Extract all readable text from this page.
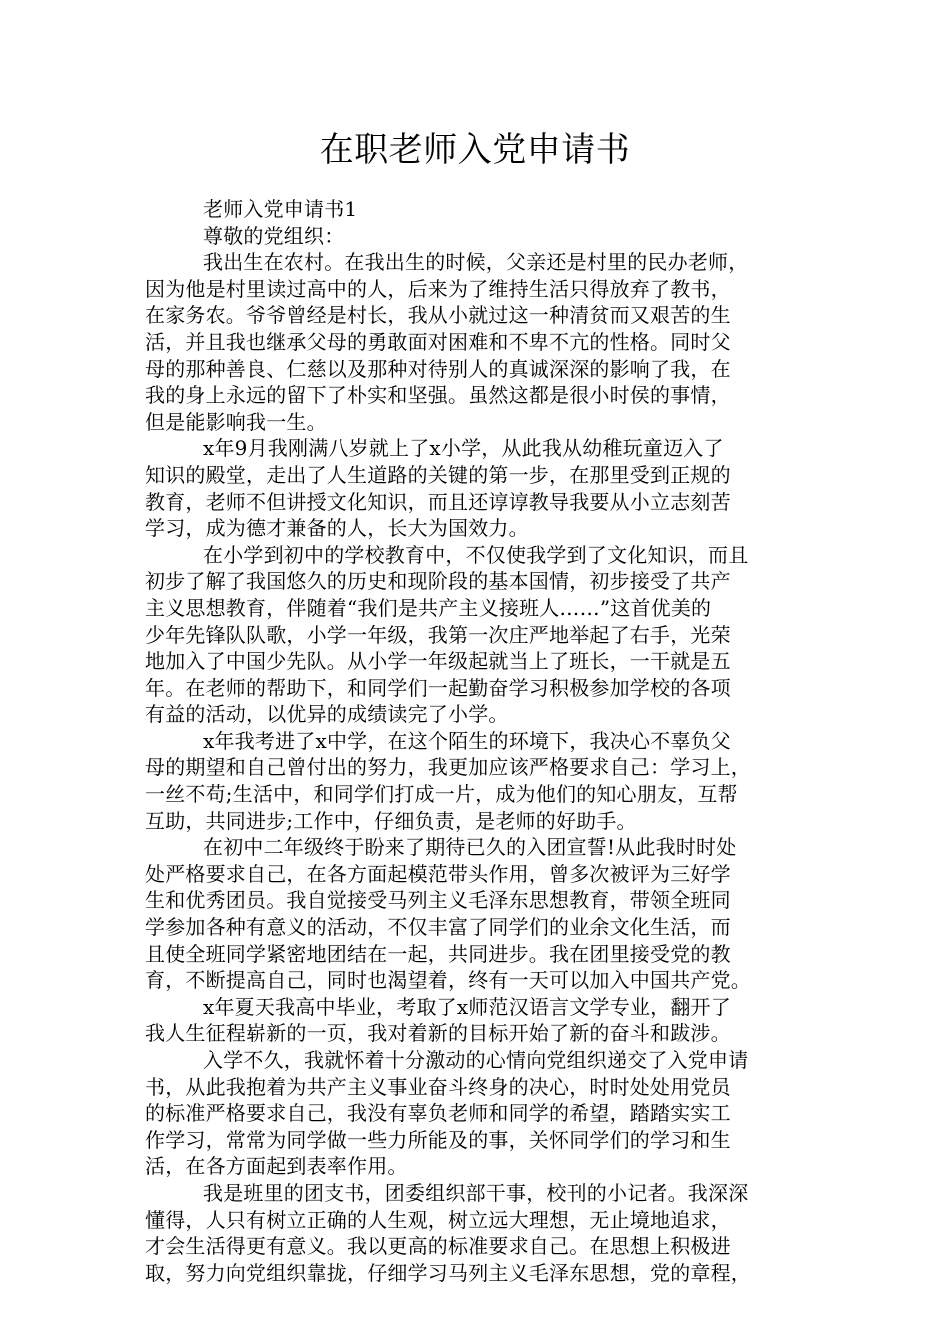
在职老师入党申请书

老师入党申请书1

尊敬的党组织：

我出生在农村。在我出生的时候，父亲还是村里的民办老师，

因为他是村里读过高中的人，后来为了维持生活只得放弃了教书，

在家务农。爷爷曾经是村长，我从小就过这一种清贫而又艰苦的生

活，并且我也继承父母的勇敢面对困难和不卑不亢的性格。同时父

母的那种善良、仁慈以及那种对待别人的真诚深深的影响了我，在

我的身上永远的留下了朴实和坚强。虽然这都是很小时侯的事情，

但是能影响我一生。

x年9月我刚满八岁就上了x小学，从此我从幼稚玩童迈入了

知识的殿堂，走出了人生道路的关键的第一步，在那里受到正规的

教育，老师不但讲授文化知识，而且还谆谆教导我要从小立志刻苦

学习，成为德才兼备的人，长大为国效力。

在小学到初中的学校教育中，不仅使我学到了文化知识，而且

初步了解了我国悠久的历史和现阶段的基本国情，初步接受了共产

主义思想教育，伴随着“我们是共产主义接班人……”这首优美的

少年先锋队队歌，小学一年级，我第一次庄严地举起了右手，光荣

地加入了中国少先队。从小学一年级起就当上了班长，一干就是五

年。在老师的帮助下，和同学们一起勤奋学习积极参加学校的各项

有益的活动，以优异的成绩读完了小学。

x年我考进了x中学，在这个陌生的环境下，我决心不辜负父

母的期望和自己曾付出的努力，我更加应该严格要求自己：学习上，

一丝不苟;生活中，和同学们打成一片，成为他们的知心朋友，互帮

互助，共同进步;工作中，仔细负责，是老师的好助手。

在初中二年级终于盼来了期待已久的入团宣誓!从此我时时处

处严格要求自己，在各方面起模范带头作用，曾多次被评为三好学

生和优秀团员。我自觉接受马列主义毛泽东思想教育，带领全班同

学参加各种有意义的活动，不仅丰富了同学们的业余文化生活，而

且使全班同学紧密地团结在一起，共同进步。我在团里接受党的教

育，不断提高自己，同时也渴望着，终有一天可以加入中国共产党。

x年夏天我高中毕业，考取了x师范汉语言文学专业，翻开了

我人生征程崭新的一页，我对着新的目标开始了新的奋斗和跋涉。

入学不久，我就怀着十分激动的心情向党组织递交了入党申请

书，从此我抱着为共产主义事业奋斗终身的决心，时时处处用党员

的标准严格要求自己，我没有辜负老师和同学的希望，踏踏实实工

作学习，常常为同学做一些力所能及的事，关怀同学们的学习和生

活，在各方面起到表率作用。

我是班里的团支书，团委组织部干事，校刊的小记者。我深深

懂得，人只有树立正确的人生观，树立远大理想，无止境地追求，

才会生活得更有意义。我以更高的标准要求自己。在思想上积极进

取，努力向党组织靠拢，仔细学习马列主义毛泽东思想，党的章程，
